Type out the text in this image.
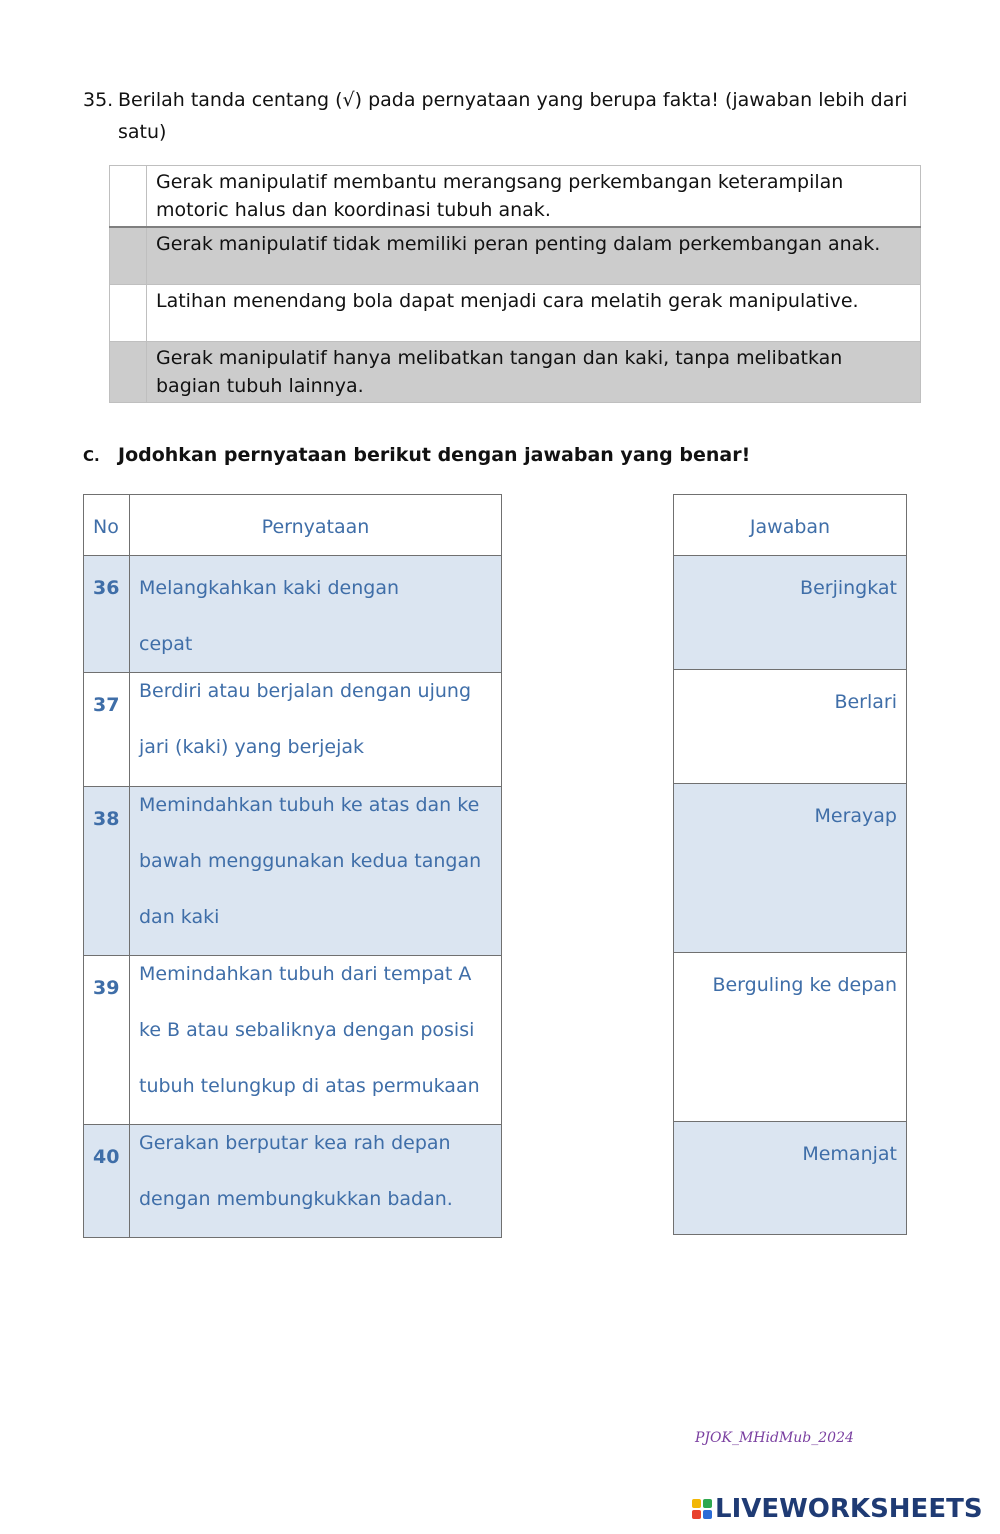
35. Berilah tanda centang (√) pada pernyataan yang berupa fakta! (jawaban lebih dari satu)
	Gerak manipulatif membantu merangsang perkembangan keterampilan motoric halus dan koordinasi tubuh anak.
	Gerak manipulatif tidak memiliki peran penting dalam perkembangan anak.
	Latihan menendang bola dapat menjadi cara melatih gerak manipulative.
	Gerak manipulatif hanya melibatkan tangan dan kaki, tanpa melibatkan bagian tubuh lainnya.
C. Jodohkan pernyataan berikut dengan jawaban yang benar!
No	Pernyataan
36	Melangkahkan kaki dengan cepat

37	Berdiri atau berjalan dengan ujung jari (kaki) yang berjejak

38	Memindahkan tubuh ke atas dan ke bawah menggunakan kedua tangan dan kaki

39	Memindahkan tubuh dari tempat A ke B atau sebaliknya dengan posisi tubuh telungkup di atas permukaan

40	Gerakan berputar kea rah depan dengan membungkukkan badan.
Jawaban
Berjingkat
Berlari
Merayap
Berguling ke depan
Memanjat
PJOK_MHidMub_2024
LIVEWORKSHEETS
